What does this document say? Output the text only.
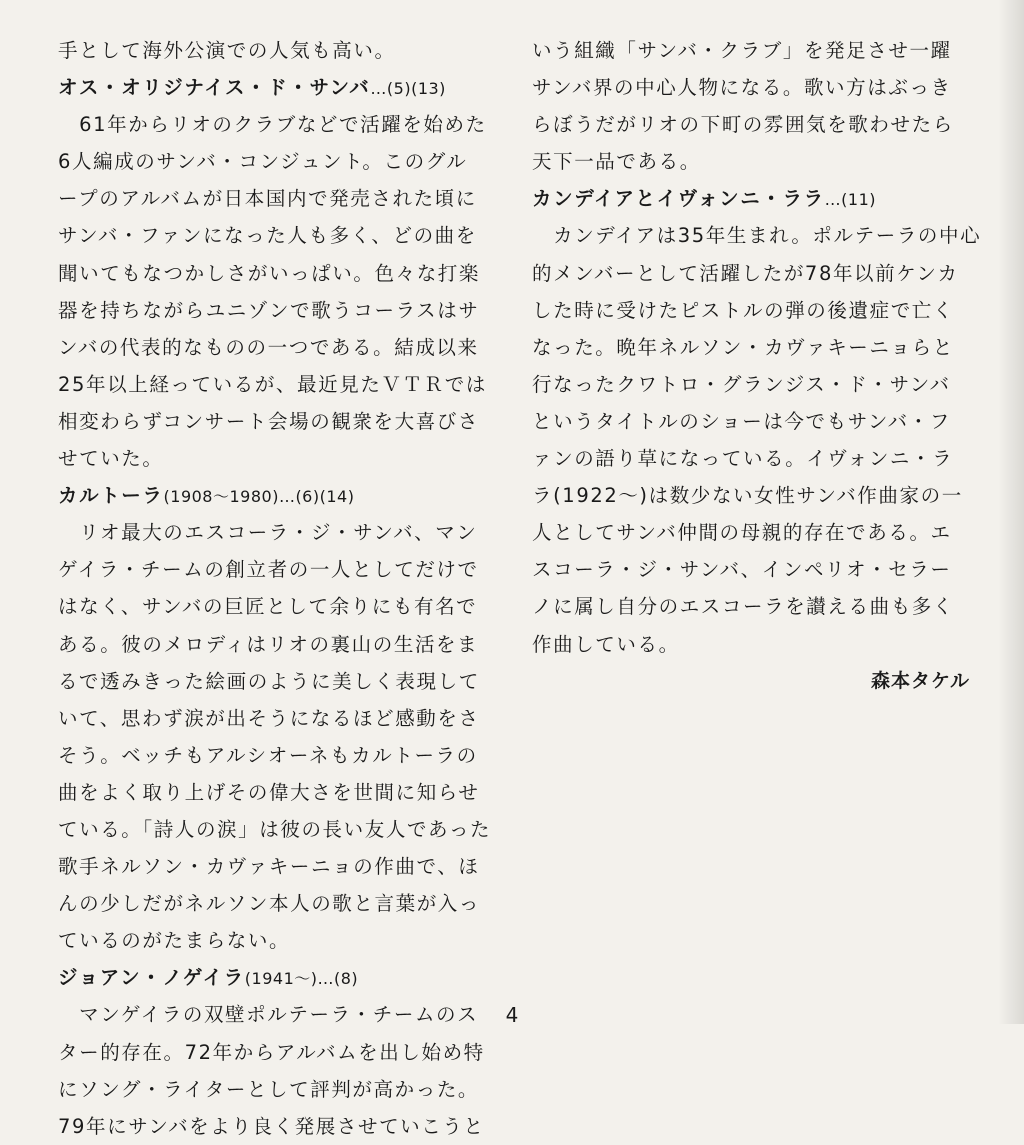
手として海外公演での人気も高い。
オス・オリジナイス・ド・サンバ…(5)(13)
　61年からリオのクラブなどで活躍を始めた
6人編成のサンバ・コンジュント。このグル
ープのアルバムが日本国内で発売された頃に
サンバ・ファンになった人も多く、どの曲を
聞いてもなつかしさがいっぱい。色々な打楽
器を持ちながらユニゾンで歌うコーラスはサ
ンバの代表的なものの一つである。結成以来
25年以上経っているが、最近見たＶＴＲでは
相変わらずコンサート会場の観衆を大喜びさ
せていた。
カルトーラ(1908～1980)…(6)(14)
　リオ最大のエスコーラ・ジ・サンバ、マン
ゲイラ・チームの創立者の一人としてだけで
はなく、サンバの巨匠として余りにも有名で
ある。彼のメロディはリオの裏山の生活をま
るで透みきった絵画のように美しく表現して
いて、思わず涙が出そうになるほど感動をさ
そう。ベッチもアルシオーネもカルトーラの
曲をよく取り上げその偉大さを世間に知らせ
ている。「詩人の涙」は彼の長い友人であった
歌手ネルソン・カヴァキーニョの作曲で、ほ
んの少しだがネルソン本人の歌と言葉が入っ
ているのがたまらない。
ジョアン・ノゲイラ(1941～)…(8)
　マンゲイラの双壁ポルテーラ・チームのス
ター的存在。72年からアルバムを出し始め特
にソング・ライターとして評判が高かった。
79年にサンバをより良く発展させていこうと
いう組織「サンバ・クラブ」を発足させ一躍
サンバ界の中心人物になる。歌い方はぶっき
らぼうだがリオの下町の雰囲気を歌わせたら
天下一品である。
カンデイアとイヴォンニ・ララ…(11)
　カンデイアは35年生まれ。ポルテーラの中心
的メンバーとして活躍したが78年以前ケンカ
した時に受けたピストルの弾の後遺症で亡く
なった。晩年ネルソン・カヴァキーニョらと
行なったクワトロ・グランジス・ド・サンバ
というタイトルのショーは今でもサンバ・フ
ァンの語り草になっている。イヴォンニ・ラ
ラ(1922～)は数少ない女性サンバ作曲家の一
人としてサンバ仲間の母親的存在である。エ
スコーラ・ジ・サンバ、インペリオ・セラー
ノに属し自分のエスコーラを讃える曲も多く
作曲している。
森本タケル
4
